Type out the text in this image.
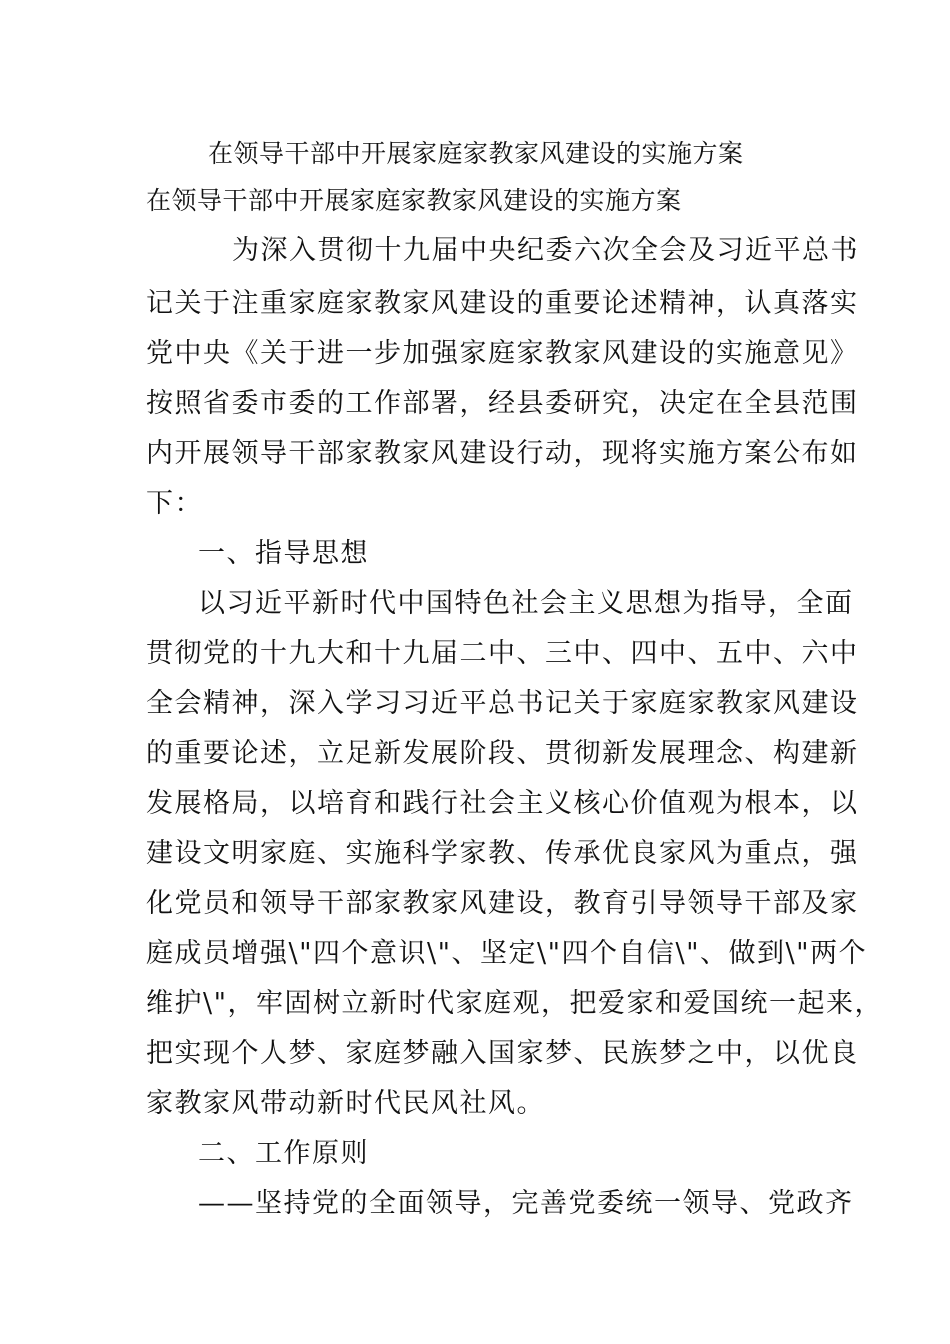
在领导干部中开展家庭家教家风建设的实施方案
在领导干部中开展家庭家教家风建设的实施方案
为深入贯彻十九届中央纪委六次全会及习近平总书
记关于注重家庭家教家风建设的重要论述精神，认真落实
党中央《关于进一步加强家庭家教家风建设的实施意见》
按照省委市委的工作部署，经县委研究，决定在全县范围
内开展领导干部家教家风建设行动，现将实施方案公布如
下：
一、指导思想
以习近平新时代中国特色社会主义思想为指导，全面
贯彻党的十九大和十九届二中、三中、四中、五中、六中
全会精神，深入学习习近平总书记关于家庭家教家风建设
的重要论述，立足新发展阶段、贯彻新发展理念、构建新
发展格局，以培育和践行社会主义核心价值观为根本，以
建设文明家庭、实施科学家教、传承优良家风为重点，强
化党员和领导干部家教家风建设，教育引导领导干部及家
庭成员增强\"四个意识\"、坚定\"四个自信\"、做到\"两个
维护\"，牢固树立新时代家庭观，把爱家和爱国统一起来，
把实现个人梦、家庭梦融入国家梦、民族梦之中，以优良
家教家风带动新时代民风社风。
二、工作原则
——坚持党的全面领导，完善党委统一领导、党政齐
